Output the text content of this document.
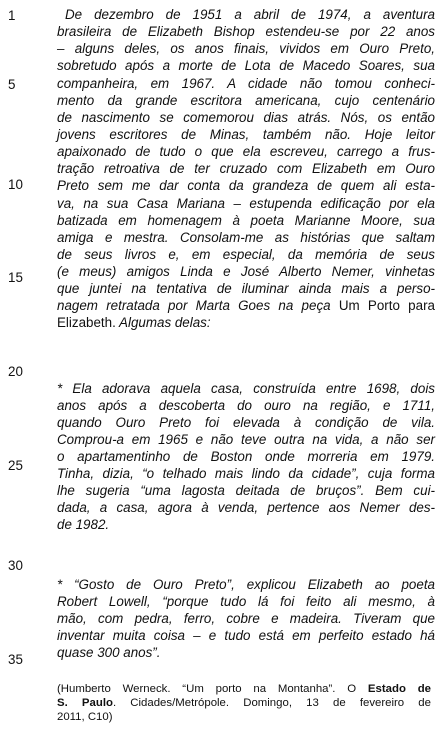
1
5
10
15
20
25
30
35
De dezembro de 1951 a abril de 1974, a aventura
brasileira de Elizabeth Bishop estendeu-se por 22 anos
– alguns deles, os anos finais, vividos em Ouro Preto,
sobretudo após a morte de Lota de Macedo Soares, sua
companheira, em 1967. A cidade não tomou conheci-
mento da grande escritora americana, cujo centenário
de nascimento se comemorou dias atrás. Nós, os então
jovens escritores de Minas, também não. Hoje leitor
apaixonado de tudo o que ela escreveu, carrego a frus-
tração retroativa de ter cruzado com Elizabeth em Ouro
Preto sem me dar conta da grandeza de quem ali esta-
va, na sua Casa Mariana – estupenda edificação por ela
batizada em homenagem à poeta Marianne Moore, sua
amiga e mestra. Consolam-me as histórias que saltam
de seus livros e, em especial, da memória de seus
(e meus) amigos Linda e José Alberto Nemer, vinhetas
que juntei na tentativa de iluminar ainda mais a perso-
nagem retratada por Marta Goes na peça Um Porto para
Elizabeth. Algumas delas:
* Ela adorava aquela casa, construída entre 1698, dois
anos após a descoberta do ouro na região, e 1711,
quando Ouro Preto foi elevada à condição de vila.
Comprou-a em 1965 e não teve outra na vida, a não ser
o apartamentinho de Boston onde morreria em 1979.
Tinha, dizia, “o telhado mais lindo da cidade”, cuja forma
lhe sugeria “uma lagosta deitada de bruços”. Bem cui-
dada, a casa, agora à venda, pertence aos Nemer des-
de 1982.
* “Gosto de Ouro Preto”, explicou Elizabeth ao poeta
Robert Lowell, “porque tudo lá foi feito ali mesmo, à
mão, com pedra, ferro, cobre e madeira. Tiveram que
inventar muita coisa – e tudo está em perfeito estado há
quase 300 anos”.
(Humberto Werneck. “Um porto na Montanha”. O Estado de
S. Paulo. Cidades/Metrópole. Domingo, 13 de fevereiro de
2011, C10)
